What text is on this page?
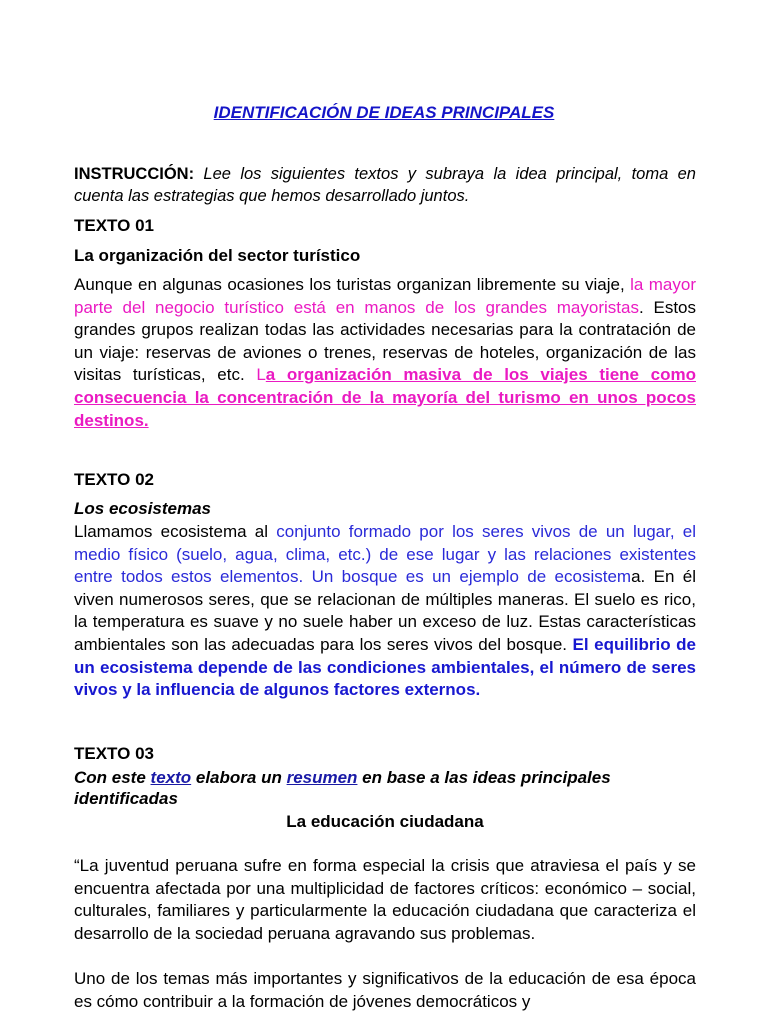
IDENTIFICACIÓN DE IDEAS PRINCIPALES
INSTRUCCIÓN: Lee los siguientes textos y subraya la idea principal, toma en cuenta las estrategias que hemos desarrollado juntos.
TEXTO 01
La organización del sector turístico
Aunque en algunas ocasiones los turistas organizan libremente su viaje, la mayor parte del negocio turístico está en manos de los grandes mayoristas. Estos grandes grupos realizan todas las actividades necesarias para la contratación de un viaje: reservas de aviones o trenes, reservas de hoteles, organización de las visitas turísticas, etc. La organización masiva de los viajes tiene como consecuencia la concentración de la mayoría del turismo en unos pocos destinos.
TEXTO 02
Los ecosistemas
Llamamos ecosistema al conjunto formado por los seres vivos de un lugar, el medio físico (suelo, agua, clima, etc.) de ese lugar y las relaciones existentes entre todos estos elementos. Un bosque es un ejemplo de ecosistema. En él viven numerosos seres, que se relacionan de múltiples maneras. El suelo es rico, la temperatura es suave y no suele haber un exceso de luz. Estas características ambientales son las adecuadas para los seres vivos del bosque. El equilibrio de un ecosistema depende de las condiciones ambientales, el número de seres vivos y la influencia de algunos factores externos.
TEXTO 03
Con este texto elabora un resumen en base a las ideas principales identificadas
La educación ciudadana
“La juventud peruana sufre en forma especial la crisis que atraviesa el país y se encuentra afectada por una multiplicidad de factores críticos: económico – social, culturales, familiares y particularmente la educación ciudadana que caracteriza el desarrollo de la sociedad peruana agravando sus problemas.
Uno de los temas más importantes y significativos de la educación de esa época es cómo contribuir a la formación de jóvenes democráticos y
